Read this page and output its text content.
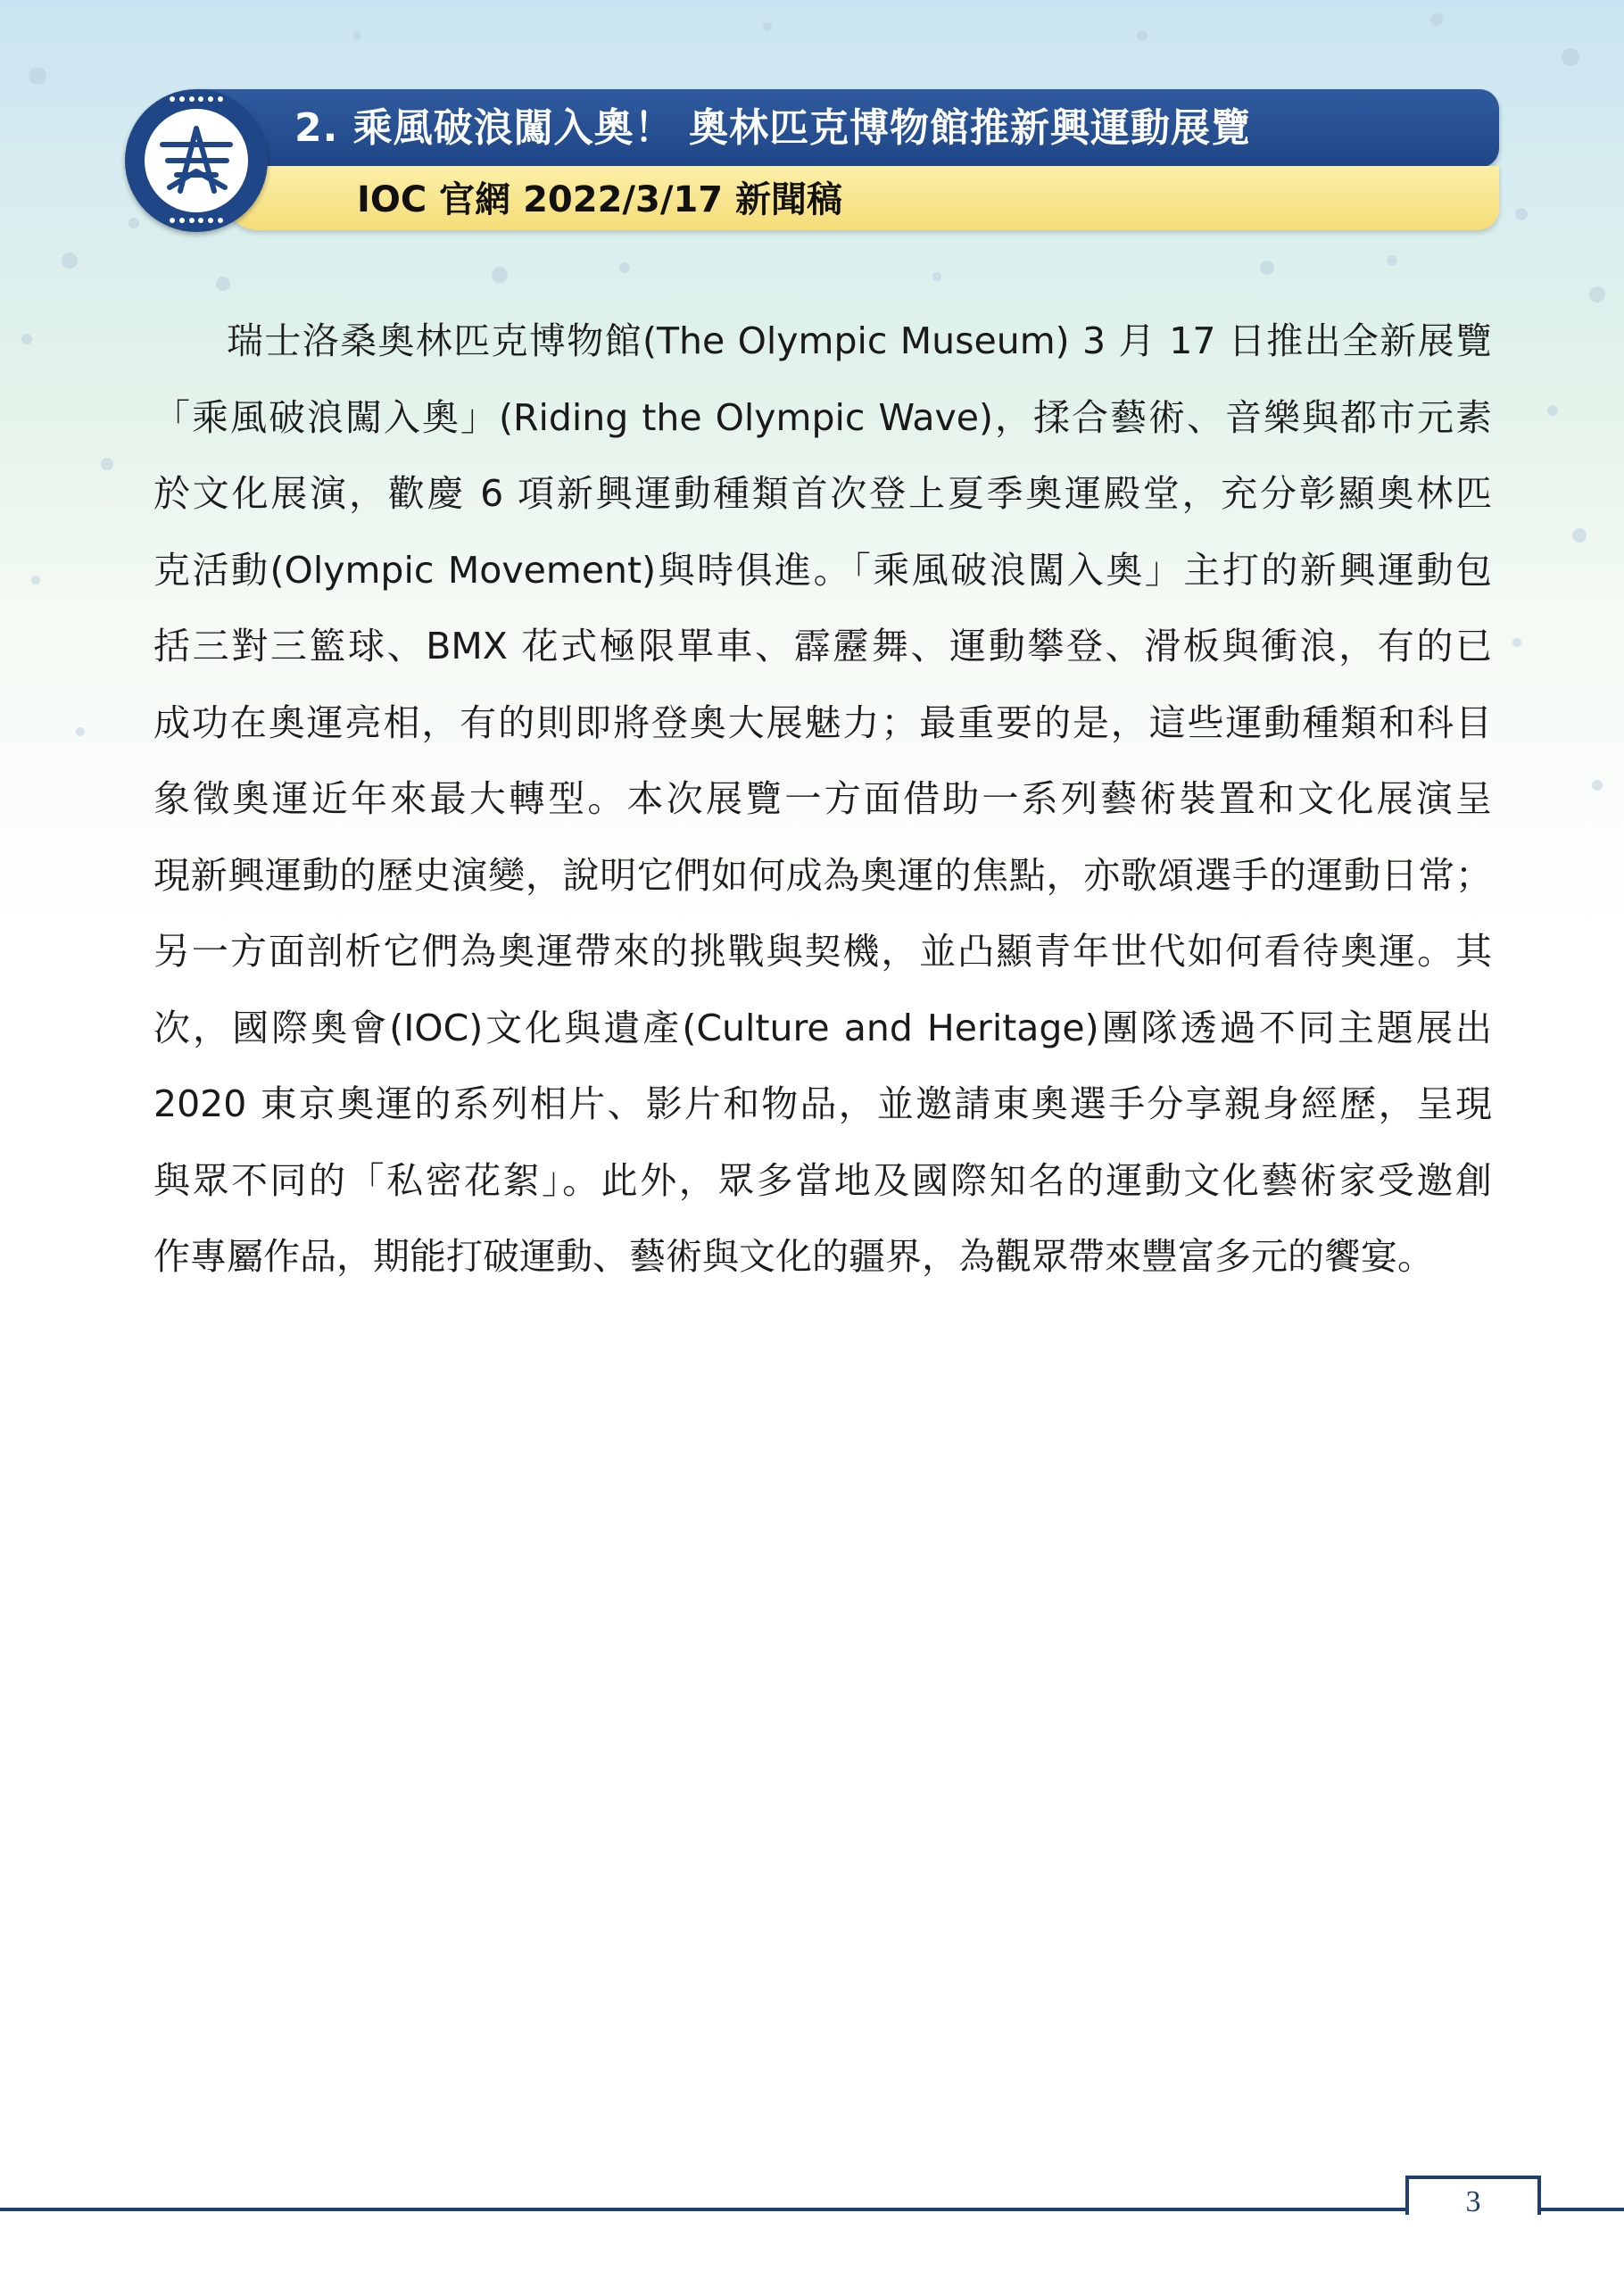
2. 乘風破浪闖入奧！ 奧林匹克博物館推新興運動展覽
IOC 官網 2022/3/17 新聞稿
瑞士洛桑奧林匹克博物館(The Olympic Museum) 3 月 17 日推出全新展覽
「乘風破浪闖入奧」(Riding the Olympic Wave)，揉合藝術、音樂與都市元素
於文化展演，歡慶 6 項新興運動種類首次登上夏季奧運殿堂，充分彰顯奧林匹
克活動(Olympic Movement)與時俱進。「乘風破浪闖入奧」主打的新興運動包
括三對三籃球、BMX 花式極限單車、霹靂舞、運動攀登、滑板與衝浪，有的已
成功在奧運亮相，有的則即將登奧大展魅力；最重要的是，這些運動種類和科目
象徵奧運近年來最大轉型。本次展覽一方面借助一系列藝術裝置和文化展演呈
現新興運動的歷史演變，說明它們如何成為奧運的焦點，亦歌頌選手的運動日常；
另一方面剖析它們為奧運帶來的挑戰與契機，並凸顯青年世代如何看待奧運。其
次，國際奧會(IOC)文化與遺產(Culture and Heritage)團隊透過不同主題展出
2020 東京奧運的系列相片、影片和物品，並邀請東奧選手分享親身經歷，呈現
與眾不同的「私密花絮」。此外，眾多當地及國際知名的運動文化藝術家受邀創
作專屬作品，期能打破運動、藝術與文化的疆界，為觀眾帶來豐富多元的饗宴。
3
